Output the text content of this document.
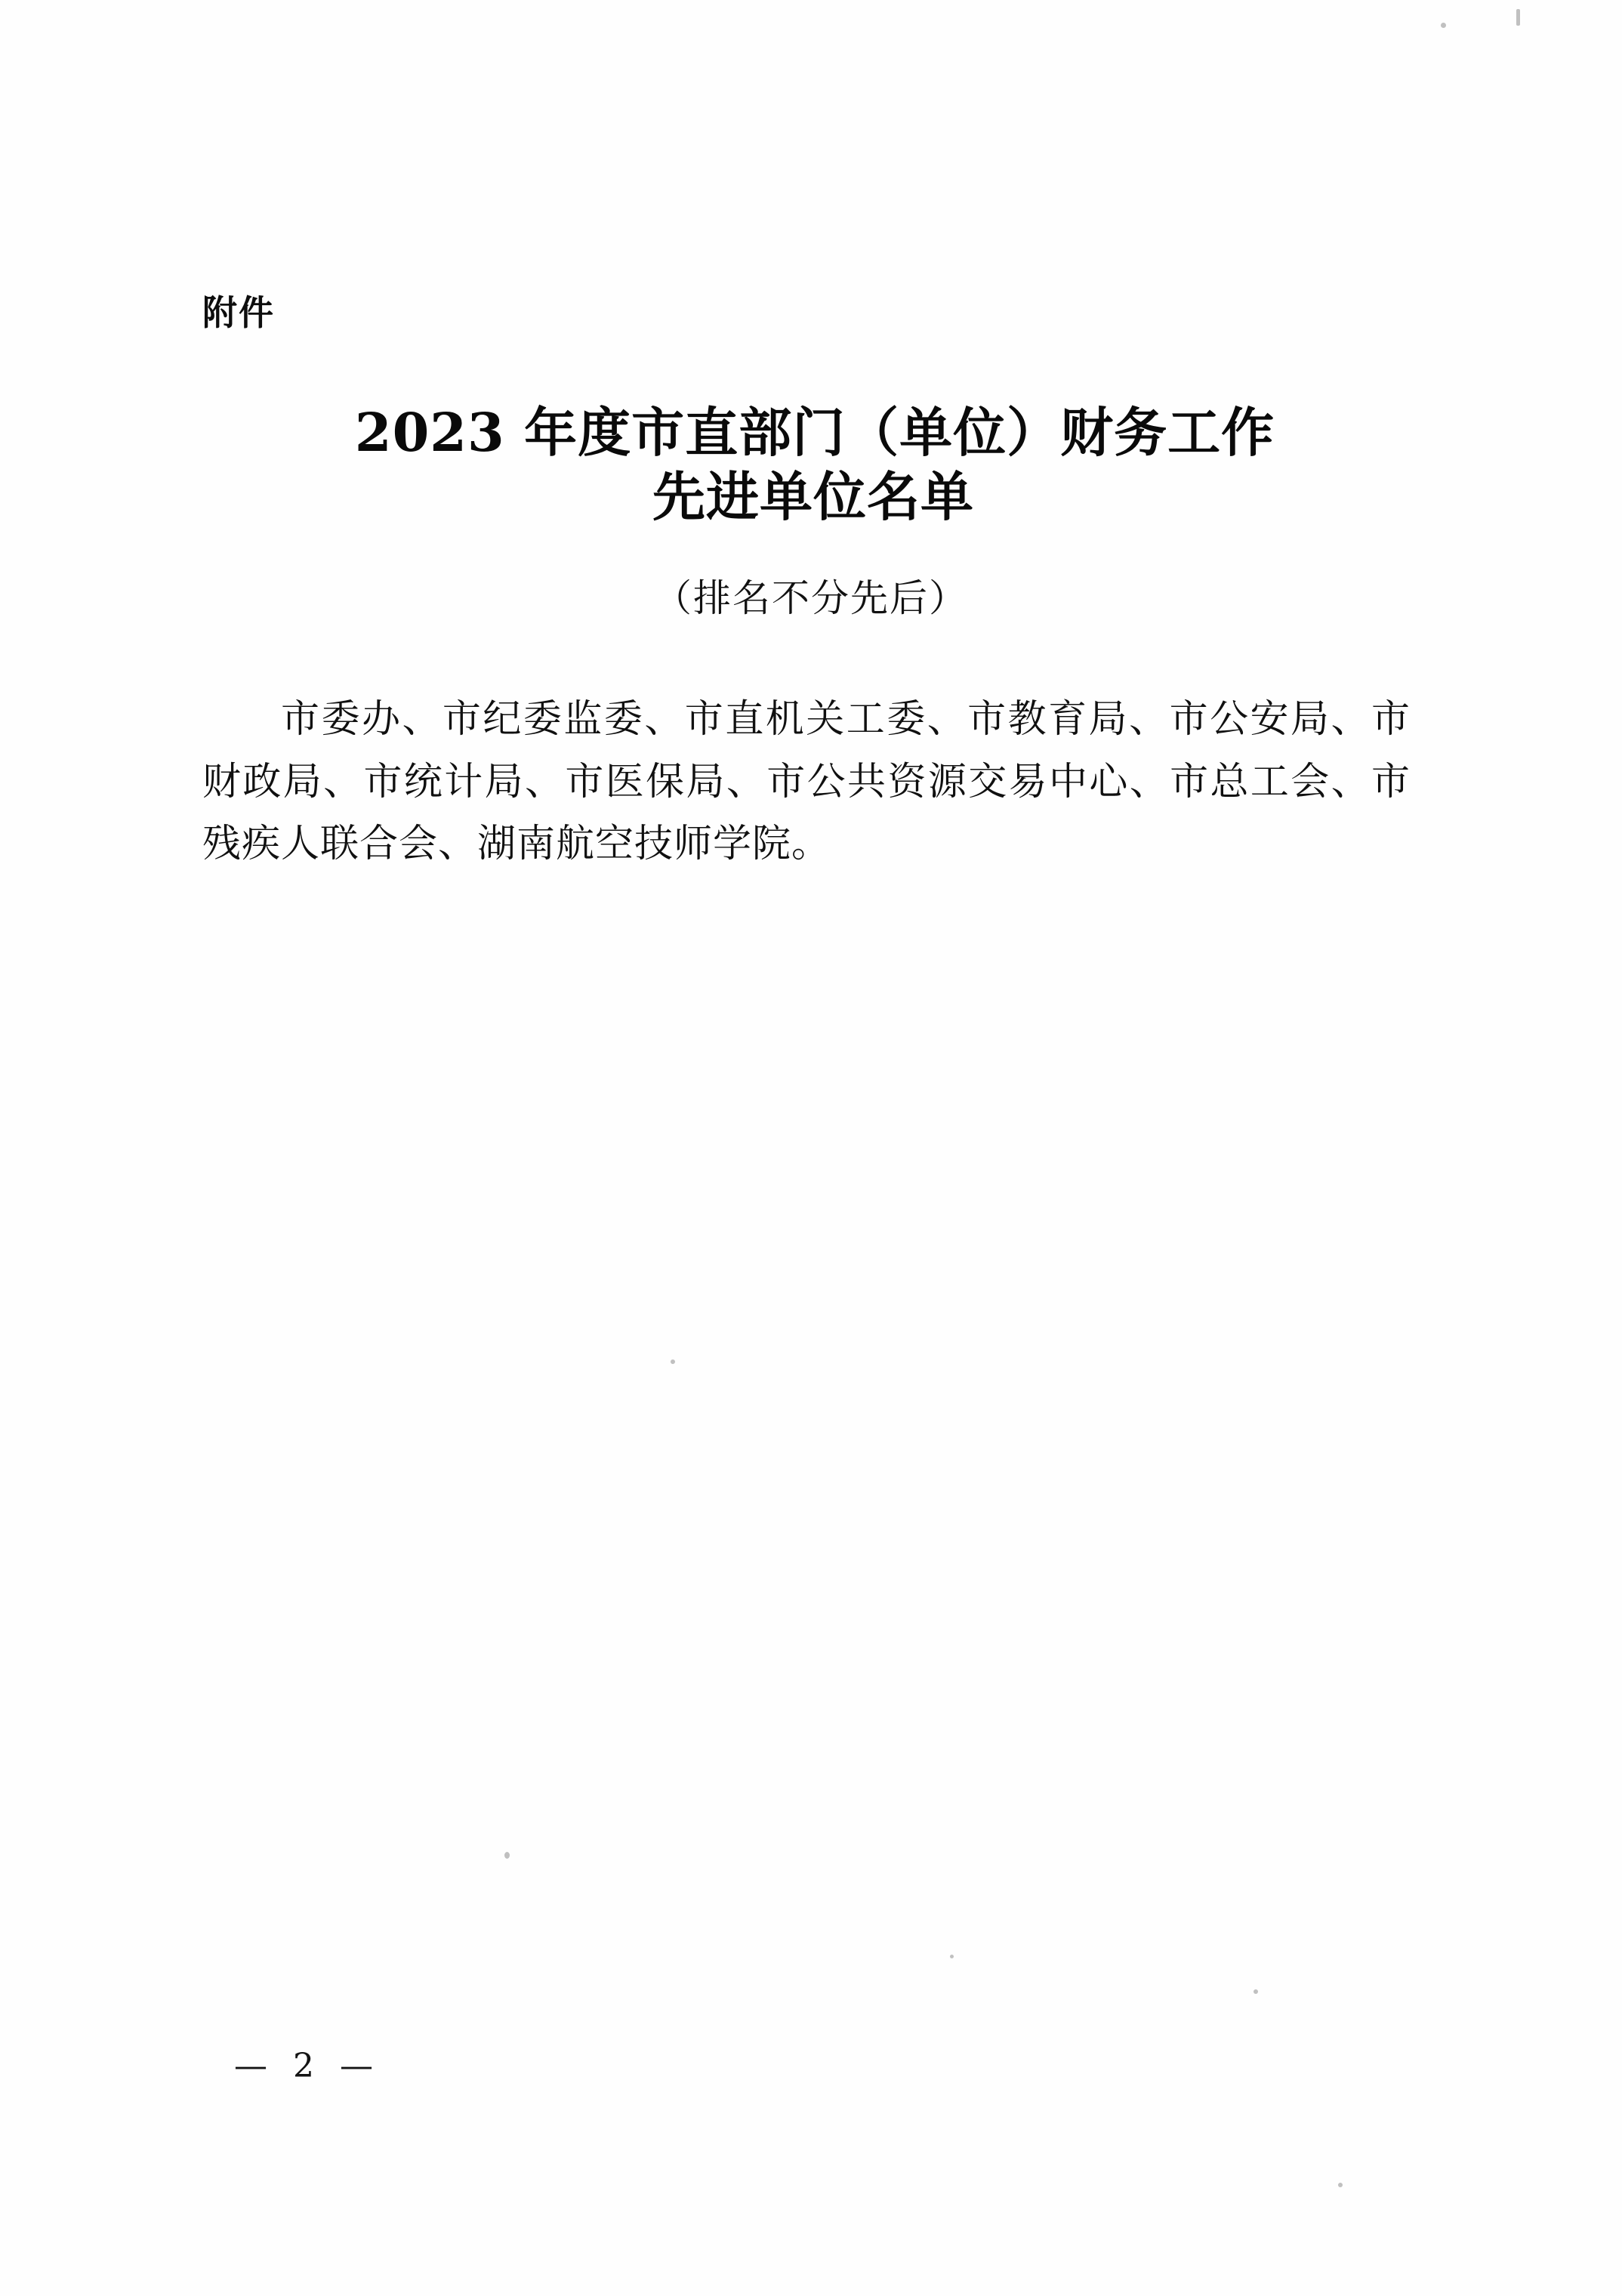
附件
2023 年度市直部门（单位）财务工作
先进单位名单
（排名不分先后）
市委办、市纪委监委、市直机关工委、市教育局、市公安局、市财政局、市统计局、市医保局、市公共资源交易中心、市总工会、市残疾人联合会、湖南航空技师学院。
— 2 —
